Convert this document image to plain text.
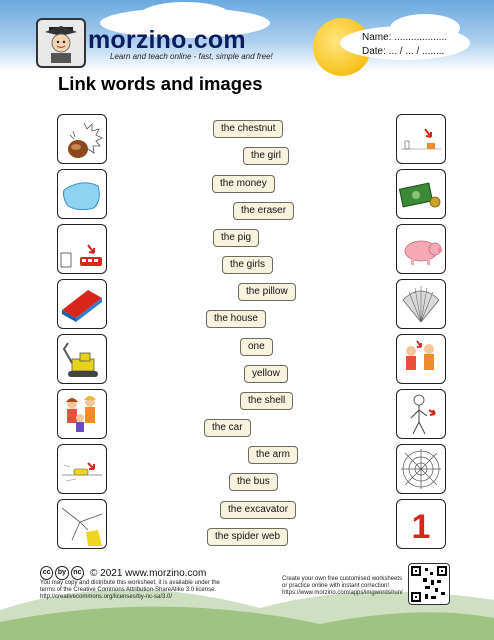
morzino.com
Learn and teach online - fast, simple and free!
Name: ...................
Date: ... / ... / ........
Link words and images
1
the chestnut
the girl
the money
the eraser
the pig
the girls
the pillow
the house
one
yellow
the shell
the car
the arm
the bus
the excavator
the spider web
cc	by	nc © 2021 www.morzino.com
You may copy and distribute this worksheet, it is available under the
terms of the Creative Commons Attribution-ShareAlike 3.0 license.
http://creativecommons.org/licenses/by-nc-sa/3.0/
Create your own free customised worksheets
or practice online with instant correction!
https://www.morzino.com/apps/imgwords/run/
